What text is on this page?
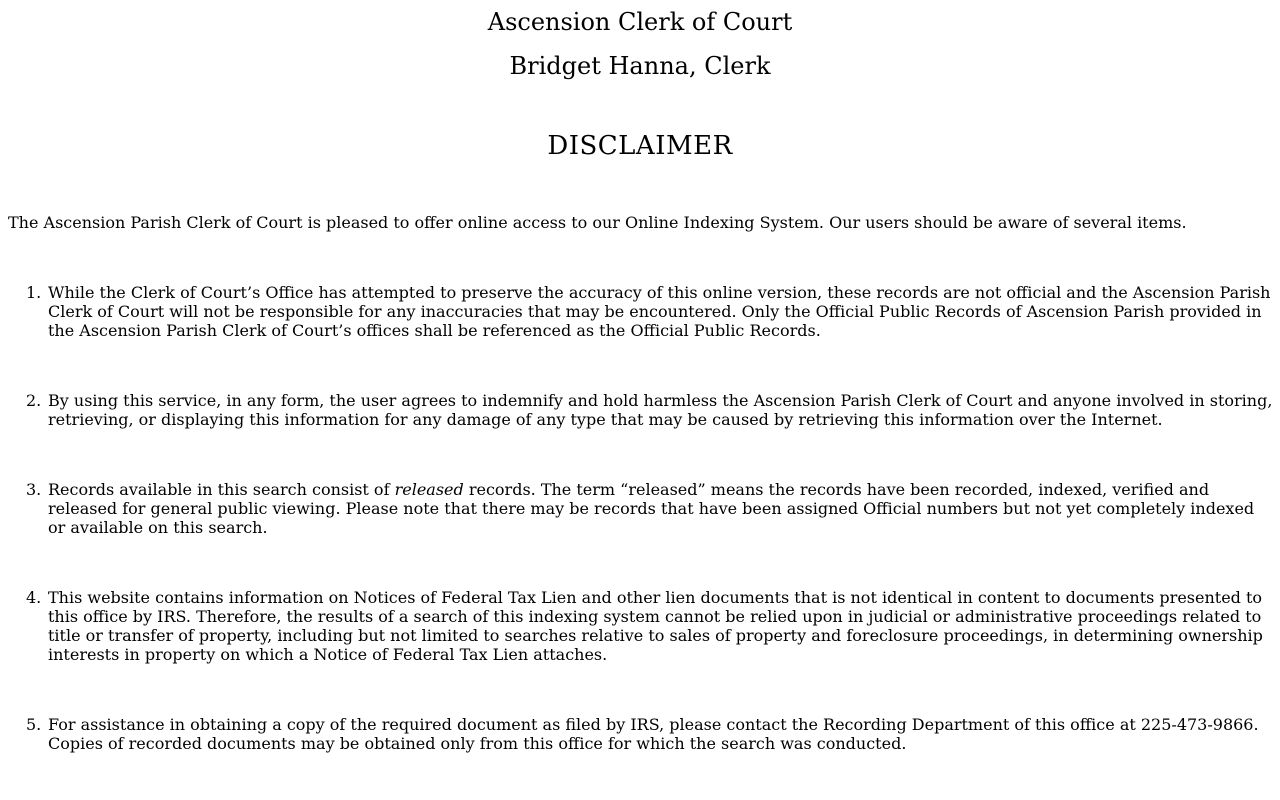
Ascension Clerk of Court

Bridget Hanna, Clerk

DISCLAIMER

The Ascension Parish Clerk of Court is pleased to offer online access to our Online Indexing System. Our users should be aware of several items.

1. While the Clerk of Court’s Office has attempted to preserve the accuracy of this online version, these records are not official and the Ascension Parish Clerk of Court will not be responsible for any inaccuracies that may be encountered. Only the Official Public Records of Ascension Parish provided in the Ascension Parish Clerk of Court’s offices shall be referenced as the Official Public Records.
2. By using this service, in any form, the user agrees to indemnify and hold harmless the Ascension Parish Clerk of Court and anyone involved in storing, retrieving, or displaying this information for any damage of any type that may be caused by retrieving this information over the Internet.
3. Records available in this search consist of released records. The term “released” means the records have been recorded, indexed, verified and released for general public viewing. Please note that there may be records that have been assigned Official numbers but not yet completely indexed or available on this search.
4. This website contains information on Notices of Federal Tax Lien and other lien documents that is not identical in content to documents presented to this office by IRS. Therefore, the results of a search of this indexing system cannot be relied upon in judicial or administrative proceedings related to title or transfer of property, including but not limited to searches relative to sales of property and foreclosure proceedings, in determining ownership interests in property on which a Notice of Federal Tax Lien attaches.
5. For assistance in obtaining a copy of the required document as filed by IRS, please contact the Recording Department of this office at 225-473-9866. Copies of recorded documents may be obtained only from this office for which the search was conducted.
